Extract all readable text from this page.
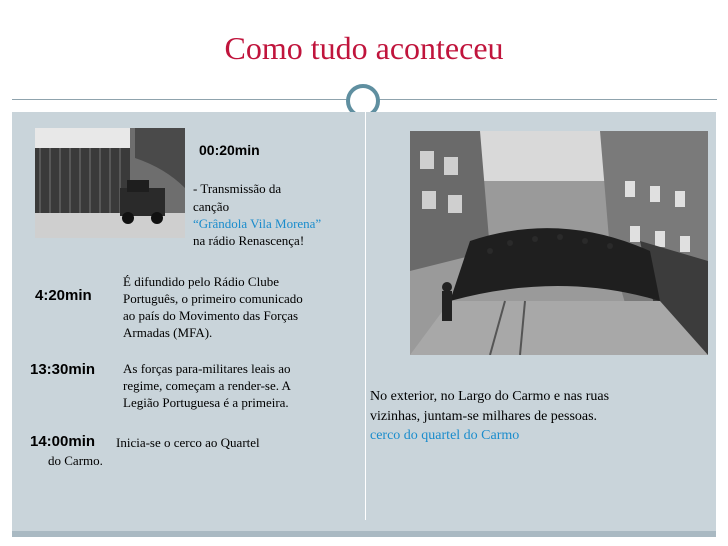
Como tudo aconteceu
00:20min
- Transmissão da
canção
“Grândola Vila Morena”
na rádio Renascença!
4:20min
É difundido pelo Rádio Clube
Português, o primeiro comunicado
ao país do Movimento das Forças
Armadas (MFA).
13:30min As forças para-militares leais ao
regime, começam a render-se. A
Legião Portuguesa é a primeira.
14:00min Inicia-se o cerco ao Quartel
do Carmo.
No exterior, no Largo do Carmo e nas ruas
vizinhas, juntam-se milhares de pessoas.
cerco do quartel do Carmo
